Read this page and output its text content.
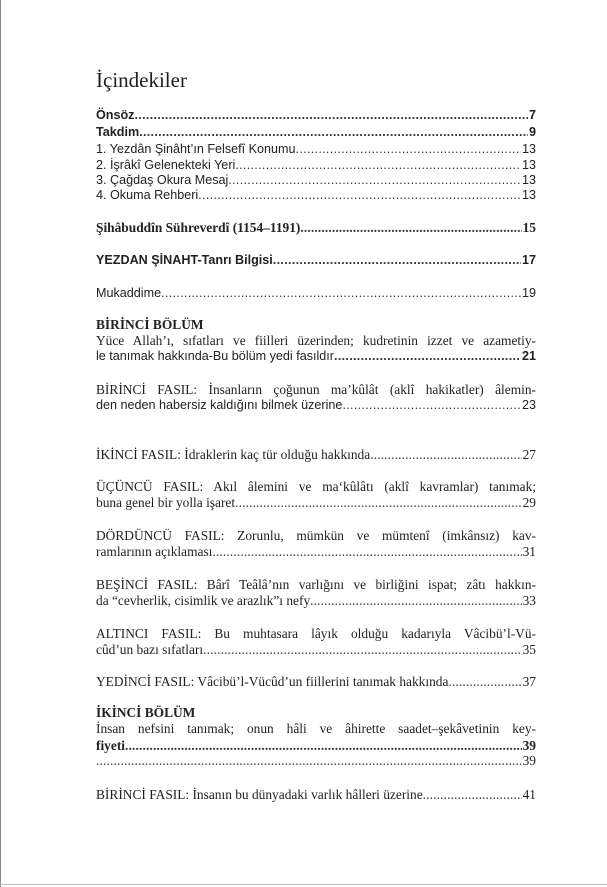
İçindekiler
Önsöz . . .	7
Takdim . . .	9
1. Yezdân Şinâht’ın Felsefî Konumu . . .	13
2. İşrâkî Gelenekteki Yeri . . .	13
3. Çağdaş Okura Mesaj . . .	13
4. Okuma Rehberi . . .	13
Şihâbuddîn Sühreverdî (1154–1191) . . .	15
YEZDAN ŞİNAHT-Tanrı Bilgisi . . .	17
Mukaddime . . .	19
BİRİNCİ BÖLÜM
Yüce Allah’ı, sıfatları ve fiilleri üzerinden; kudretinin izzet ve azametiy-
le tanımak hakkında-Bu bölüm yedi fasıldır . . .	21
BİRİNCİ FASIL: İnsanların çoğunun ma’kûlât (aklî hakikatler) âlemin-
den neden habersiz kaldığını bilmek üzerine . . .	23
İKİNCİ FASIL: İdraklerin kaç tür olduğu hakkında . . .	27
ÜÇÜNCÜ FASIL: Akıl âlemini ve ma‘kûlâtı (aklî kavramlar) tanımak;
buna genel bir yolla işaret . . .	29
DÖRDÜNCÜ FASIL: Zorunlu, mümkün ve mümtenî (imkânsız) kav-
ramlarının açıklaması . . .	31
BEŞİNCİ FASIL: Bârî Teâlâ’nın varlığını ve birliğini ispat; zâtı hakkın-
da “cevherlik, cisimlik ve arazlık”ı nefy . . .	33
ALTINCI FASIL: Bu muhtasara lâyık olduğu kadarıyla Vâcibü’l-Vü-
cûd’un bazı sıfatları . . .	35
YEDİNCİ FASIL: Vâcibü’l-Vücûd’un fiillerini tanımak hakkında . . .	37
İKİNCİ BÖLÜM
İnsan nefsini tanımak; onun hâli ve âhirette saadet–şekâvetinin key-
fiyeti . . .	39
. . .
39
BİRİNCİ FASIL: İnsanın bu dünyadaki varlık hâlleri üzerine . . .	41
